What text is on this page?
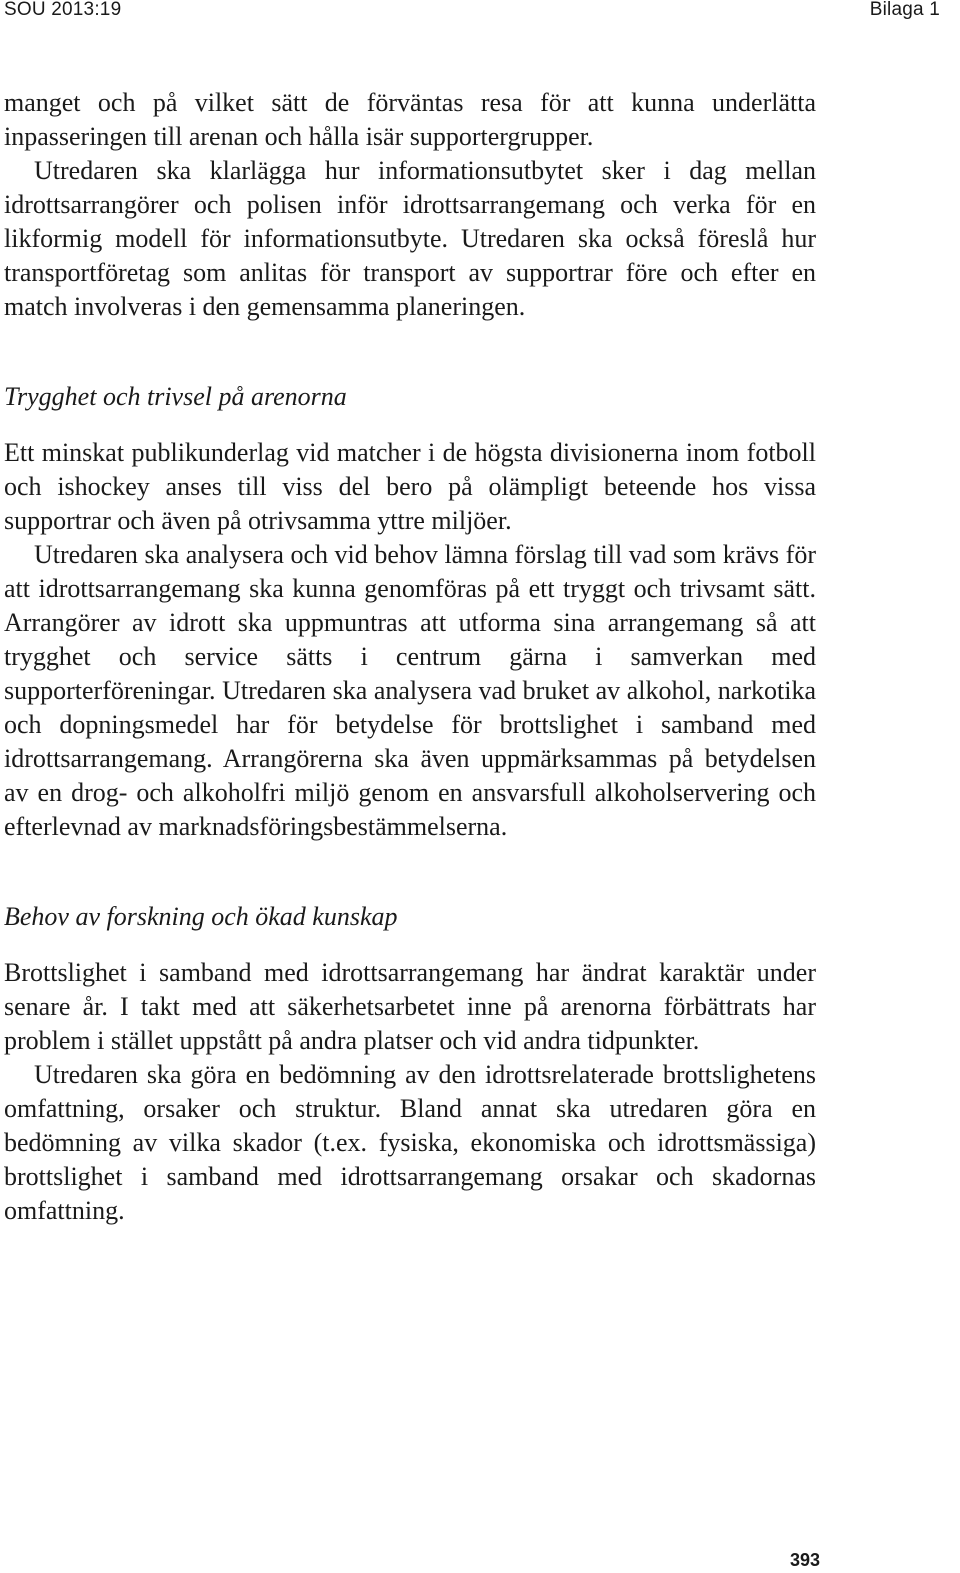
SOU 2013:19	Bilaga 1

manget och på vilket sätt de förväntas resa för att kunna underlätta inpasseringen till arenan och hålla isär supportergrupper.

Utredaren ska klarlägga hur informationsutbytet sker i dag mellan idrottsarrangörer och polisen inför idrottsarrangemang och verka för en likformig modell för informationsutbyte. Utredaren ska också föreslå hur transportföretag som anlitas för transport av supportrar före och efter en match involveras i den gemensamma planeringen.

Trygghet och trivsel på arenorna

Ett minskat publikunderlag vid matcher i de högsta divisionerna inom fotboll och ishockey anses till viss del bero på olämpligt beteende hos vissa supportrar och även på otrivsamma yttre miljöer.

Utredaren ska analysera och vid behov lämna förslag till vad som krävs för att idrottsarrangemang ska kunna genomföras på ett tryggt och trivsamt sätt. Arrangörer av idrott ska uppmuntras att utforma sina arrangemang så att trygghet och service sätts i centrum gärna i samverkan med supporterföreningar. Utredaren ska analysera vad bruket av alkohol, narkotika och dopningsmedel har för betydelse för brottslighet i samband med idrottsarrangemang. Arrangörerna ska även uppmärksammas på betydelsen av en drog- och alkoholfri miljö genom en ansvarsfull alkoholservering och efterlevnad av marknadsföringsbestämmelserna.

Behov av forskning och ökad kunskap

Brottslighet i samband med idrottsarrangemang har ändrat karaktär under senare år. I takt med att säkerhetsarbetet inne på arenorna förbättrats har problem i stället uppstått på andra platser och vid andra tidpunkter.

Utredaren ska göra en bedömning av den idrottsrelaterade brottslighetens omfattning, orsaker och struktur. Bland annat ska utredaren göra en bedömning av vilka skador (t.ex. fysiska, ekonomiska och idrottsmässiga) brottslighet i samband med idrottsarrangemang orsakar och skadornas omfattning.

393
